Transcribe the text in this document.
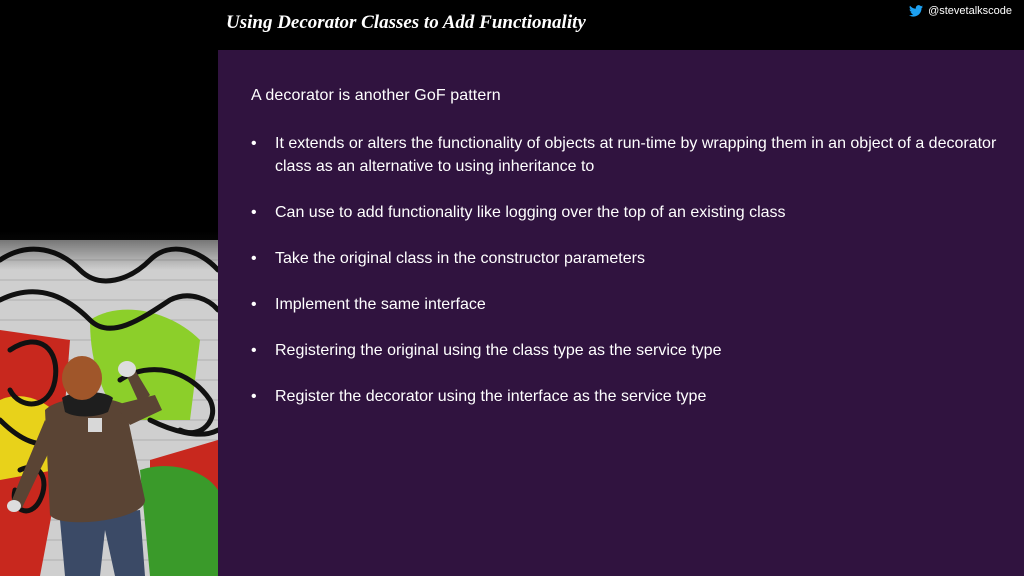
Using Decorator Classes to Add Functionality
@stevetalkscode
A decorator is another GoF pattern
• It extends or alters the functionality of objects at run-time by wrapping them in an object of a decorator class as an alternative to using inheritance to
• Can use to add functionality like logging over the top of an existing class
• Take the original class in the constructor parameters
• Implement the same interface
• Registering the original using the class type as the service type
• Register the decorator using the interface as the service type
